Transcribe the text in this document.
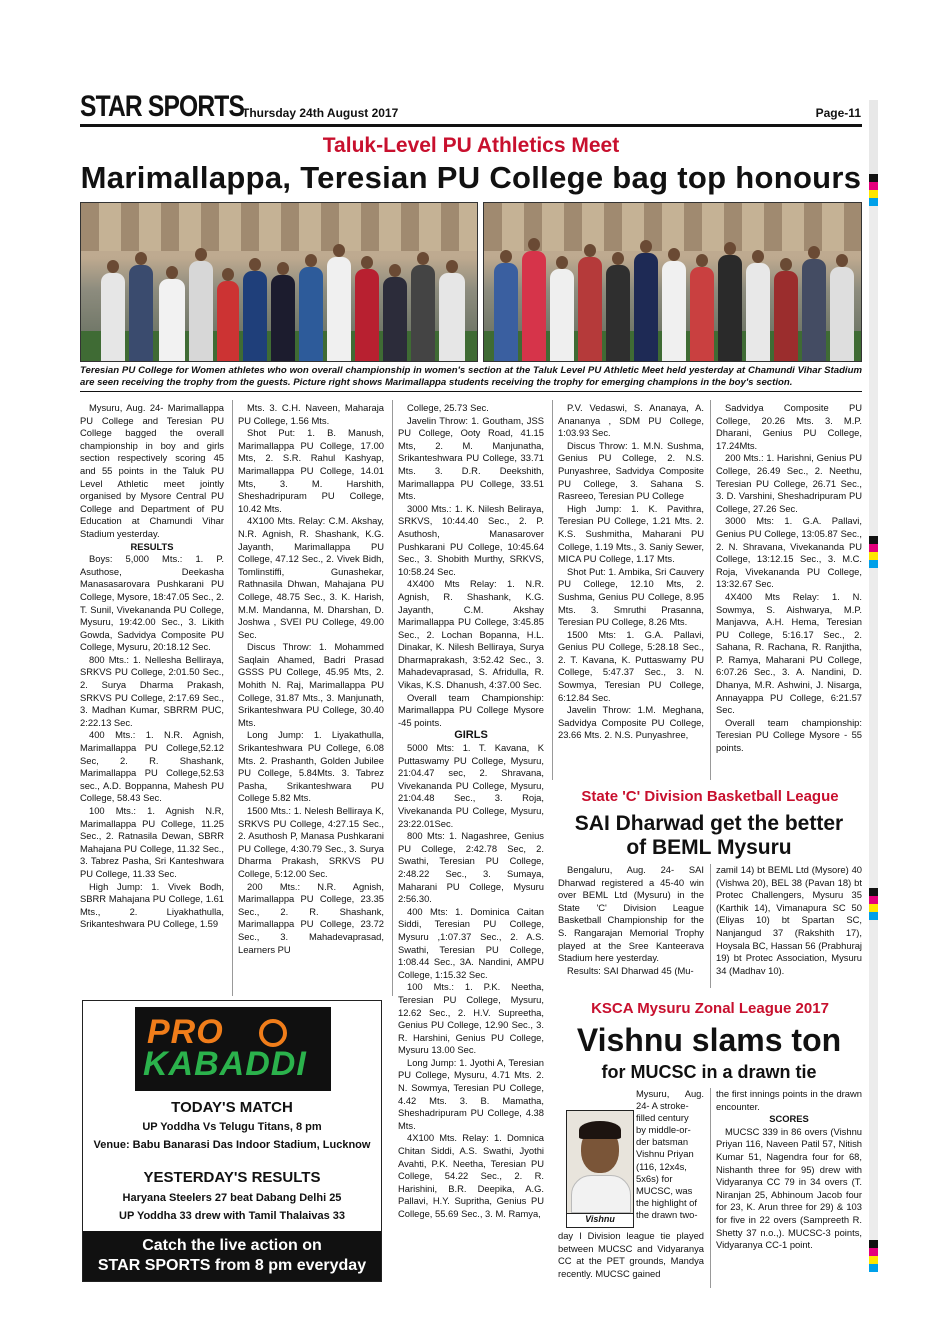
STAR SPORTS
Thursday 24th August 2017	Page-11
Taluk-Level PU Athletics Meet
Marimallappa, Teresian PU College bag top honours
Teresian PU College for Women athletes who won overall championship in women's section at the Taluk Level PU Athletic Meet held yesterday at Chamundi Vihar Stadium are seen receiving the trophy from the guests. Picture right shows Marimallappa students receiving the trophy for emerging champions in the boy's section.

Mysuru, Aug. 24- Marimallappa PU College and Teresian PU College bagged the overall championship in boy and girls section respectively scoring 45 and 55 points in the Taluk PU Level Athletic meet jointly organised by Mysore Central PU College and Department of PU Education at Chamundi Vihar Stadium yesterday.

RESULTS

Boys: 5,000 Mts.: 1. P. Asuthose, Deekasha Manasasarovara Pushkarani PU College, Mysore, 18:47.05 Sec., 2. T. Sunil, Vivekananda PU College, Mysuru, 19:42.00 Sec., 3. Likith Gowda, Sadvidya Composite PU College, Mysuru, 20:18.12 Sec.

800 Mts.: 1. Nellesha Belliraya, SRKVS PU College, 2:01.50 Sec., 2. Surya Dharma Prakash, SRKVS PU College, 2:17.69 Sec., 3. Madhan Kumar, SBRRM PUC, 2:22.13 Sec.

400 Mts.: 1. N.R. Agnish, Marimallappa PU College,52.12 Sec, 2. R. Shashank, Marimallappa PU College,52.53 sec., A.D. Boppanna, Mahesh PU College, 58.43 Sec.

100 Mts.: 1. Agnish N.R, Marimallappa PU College, 11.25 Sec., 2. Ratnasila Dewan, SBRR Mahajana PU College, 11.32 Sec., 3. Tabrez Pasha, Sri Kanteshwara PU College, 11.33 Sec.

High Jump: 1. Vivek Bodh, SBRR Mahajana PU College, 1.61 Mts., 2. Liyakhathulla, Srikanteshwara PU College, 1.59

Mts. 3. C.H. Naveen, Maharaja PU College, 1.56 Mts.

Shot Put: 1. B. Manush, Marimallappa PU College, 17.00 Mts, 2. S.R. Rahul Kashyap, Marimallappa PU College, 14.01 Mts, 3. M. Harshith, Sheshadripuram PU College, 10.42 Mts.

4X100 Mts. Relay: C.M. Akshay, N.R. Agnish, R. Shashank, K.G. Jayanth, Marimallappa PU College, 47.12 Sec., 2. Vivek Bidh, Tomlinstiffi, Gunashekar, Rathnasila Dhwan, Mahajana PU College, 48.75 Sec., 3. K. Harish, M.M. Mandanna, M. Dharshan, D. Joshwa , SVEI PU College, 49.00 Sec.

Discus Throw: 1. Mohammed Saqlain Ahamed, Badri Prasad GSSS PU College, 45.95 Mts, 2. Mohith N. Raj, Marimallappa PU College, 31.87 Mts., 3. Manjunath, Srikanteshwara PU College, 30.40 Mts.

Long Jump: 1. Liyakathulla, Srikanteshwara PU College, 6.08 Mts. 2. Prashanth, Golden Jubilee PU College, 5.84Mts. 3. Tabrez Pasha, Srikanteshwara PU College 5.82 Mts.

1500 Mts.: 1. Nelesh Belliraya K, SRKVS PU College, 4:27.15 Sec., 2. Asuthosh P, Manasa Pushkarani PU College, 4:30.79 Sec., 3. Surya Dharma Prakash, SRKVS PU College, 5:12.00 Sec.

200 Mts.: N.R. Agnish, Marimallappa PU College, 23.35 Sec., 2. R. Shashank, Marimallappa PU College, 23.72 Sec., 3. Mahadevaprasad, Learners PU

College, 25.73 Sec.

Javelin Throw: 1. Goutham, JSS PU College, Ooty Road, 41.15 Mts, 2. M. Manjunatha, Srikanteshwara PU College, 33.71 Mts. 3. D.R. Deekshith, Marimallappa PU College, 33.51 Mts.

3000 Mts.: 1. K. Nilesh Beliraya, SRKVS, 10:44.40 Sec., 2. P. Asuthosh, Manasarover Pushkarani PU College, 10:45.64 Sec., 3. Shobith Murthy, SRKVS, 10:58.24 Sec.

4X400 Mts Relay: 1. N.R. Agnish, R. Shashank, K.G. Jayanth, C.M. Akshay Marimallappa PU College, 3:45.85 Sec., 2. Lochan Bopanna, H.L. Dinakar, K. Nilesh Belliraya, Surya Dharmaprakash, 3:52.42 Sec., 3. Mahadevaprasad, S. Afridulla, R. Vikas, K.S. Dhanush, 4:37.00 Sec.

Overall team Championship: Marimallappa PU College Mysore -45 points.

GIRLS

5000 Mts: 1. T. Kavana, K Puttaswamy PU College, Mysuru, 21:04.47 sec, 2. Shravana, Vivekananda PU College, Mysuru, 21:04.48 Sec., 3. Roja, Vivekananda PU College, Mysuru, 23:22.01Sec.

800 Mts: 1. Nagashree, Genius PU College, 2:42.78 Sec, 2. Swathi, Teresian PU College, 2:48.22 Sec., 3. Sumaya, Maharani PU College, Mysuru 2:56.30.

400 Mts: 1. Dominica Caitan Siddi, Teresian PU College, Mysuru ,1:07.37 Sec., 2. A.S. Swathi, Teresian PU College, 1:08.44 Sec., 3A. Nandini, AMPU College, 1:15.32 Sec.

100 Mts.: 1. P.K. Neetha, Teresian PU College, Mysuru, 12.62 Sec., 2. H.V. Supreetha, Genius PU College, 12.90 Sec., 3. R. Harshini, Genius PU College, Mysuru 13.00 Sec.

Long Jump: 1. Jyothi A, Teresian PU College, Mysuru, 4.71 Mts. 2. N. Sowmya, Teresian PU College, 4.42 Mts. 3. B. Mamatha, Sheshadripuram PU College, 4.38 Mts.

4X100 Mts. Relay: 1. Domnica Chitan Siddi, A.S. Swathi, Jyothi Avahti, P.K. Neetha, Teresian PU College, 54.22 Sec., 2. R. Harishini, B.R. Deepika, A.G. Pallavi, H.Y. Supritha, Genius PU College, 55.69 Sec., 3. M. Ramya,

P.V. Vedaswi, S. Ananaya, A. Anananya , SDM PU College, 1:03.93 Sec.

Discus Throw: 1. M.N. Sushma, Genius PU College, 2. N.S. Punyashree, Sadvidya Composite PU College, 3. Sahana S. Rasreeo, Teresian PU College

High Jump: 1. K. Pavithra, Teresian PU College, 1.21 Mts. 2. K.S. Sushmitha, Maharani PU College, 1.19 Mts., 3. Saniy Sewer, MICA PU College, 1.17 Mts.

Shot Put: 1. Ambika, Sri Cauvery PU College, 12.10 Mts, 2. Sushma, Genius PU College, 8.95 Mts. 3. Smruthi Prasanna, Teresian PU College, 8.26 Mts.

1500 Mts: 1. G.A. Pallavi, Genius PU College, 5:28.18 Sec., 2. T. Kavana, K. Puttaswamy PU College, 5:47.37 Sec., 3. N. Sowmya, Teresian PU College, 6:12.84 Sec.

Javelin Throw: 1.M. Meghana, Sadvidya Composite PU College, 23.66 Mts. 2. N.S. Punyashree,

Sadvidya Composite PU College, 20.26 Mts. 3. M.P. Dharani, Genius PU College, 17.24Mts.

200 Mts.: 1. Harishni, Genius PU College, 26.49 Sec., 2. Neethu, Teresian PU College, 26.71 Sec., 3. D. Varshini, Sheshadripuram PU College, 27.26 Sec.

3000 Mts: 1. G.A. Pallavi, Genius PU College, 13:05.87 Sec., 2. N. Shravana, Vivekananda PU College, 13:12.15 Sec., 3. M.C. Roja, Vivekananda PU College, 13:32.67 Sec.

4X400 Mts Relay: 1. N. Sowmya, S. Aishwarya, M.P. Manjavva, A.H. Hema, Teresian PU College, 5:16.17 Sec., 2. Sahana, R. Rachana, R. Ranjitha, P. Ramya, Maharani PU College, 6:07.26 Sec., 3. A. Nandini, D. Dhanya, M.R. Ashwini, J. Nisarga, Annayappa PU College, 6:21.57 Sec.

Overall team championship: Teresian PU College Mysore - 55 points.

State 'C' Division Basketball League
SAI Dharwad get the better
of BEML Mysuru

Bengaluru, Aug. 24- SAI Dharwad registered a 45-40 win over BEML Ltd (Mysuru) in the State 'C' Division League Basketball Championship for the S. Rangarajan Memorial Trophy played at the Sree Kanteerava Stadium here yesterday.

Results: SAI Dharwad 45 (Mu-

zamil 14) bt BEML Ltd (Mysore) 40 (Vishwa 20), BEL 38 (Pavan 18) bt Protec Challengers, Mysuru 35 (Karthik 14), Vimanapura SC 50 (Eliyas 10) bt Spartan SC, Nanjangud 37 (Rakshith 17), Hoysala BC, Hassan 56 (Prabhuraj 19) bt Protec Association, Mysuru 34 (Madhav 10).

KSCA Mysuru Zonal League 2017
Vishnu slams ton
for MUCSC in a drawn tie
Vishnu
Mysuru, Aug. 24- A stroke-
filled century
by middle-or-
der batsman
Vishnu Priyan
(116, 12x4s,
5x6s) for
MUCSC, was
the highlight of
the drawn two-

day I Division league tie played between MUCSC and Vidyaranya CC at the PET grounds, Mandya recently. MUCSC gained

the first innings points in the drawn encounter.

SCORES

MUCSC 339 in 86 overs (Vishnu Priyan 116, Naveen Patil 57, Nitish Kumar 51, Nagendra four for 68, Nishanth three for 95) drew with Vidyaranya CC 79 in 34 overs (T. Niranjan 25, Abhinoum Jacob four for 23, K. Arun three for 29) & 103 for five in 22 overs (Sampreeth R. Shetty 37 n.o.,). MUCSC-3 points, Vidyaranya CC-1 point.

PRO
KABADDI
TODAY'S MATCH
UP Yoddha Vs Telugu Titans, 8 pm
Venue: Babu Banarasi Das Indoor Stadium, Lucknow
YESTERDAY'S RESULTS
Haryana Steelers 27 beat Dabang Delhi 25
UP Yoddha 33 drew with Tamil Thalaivas 33
Catch the live action on
STAR SPORTS from 8 pm everyday
